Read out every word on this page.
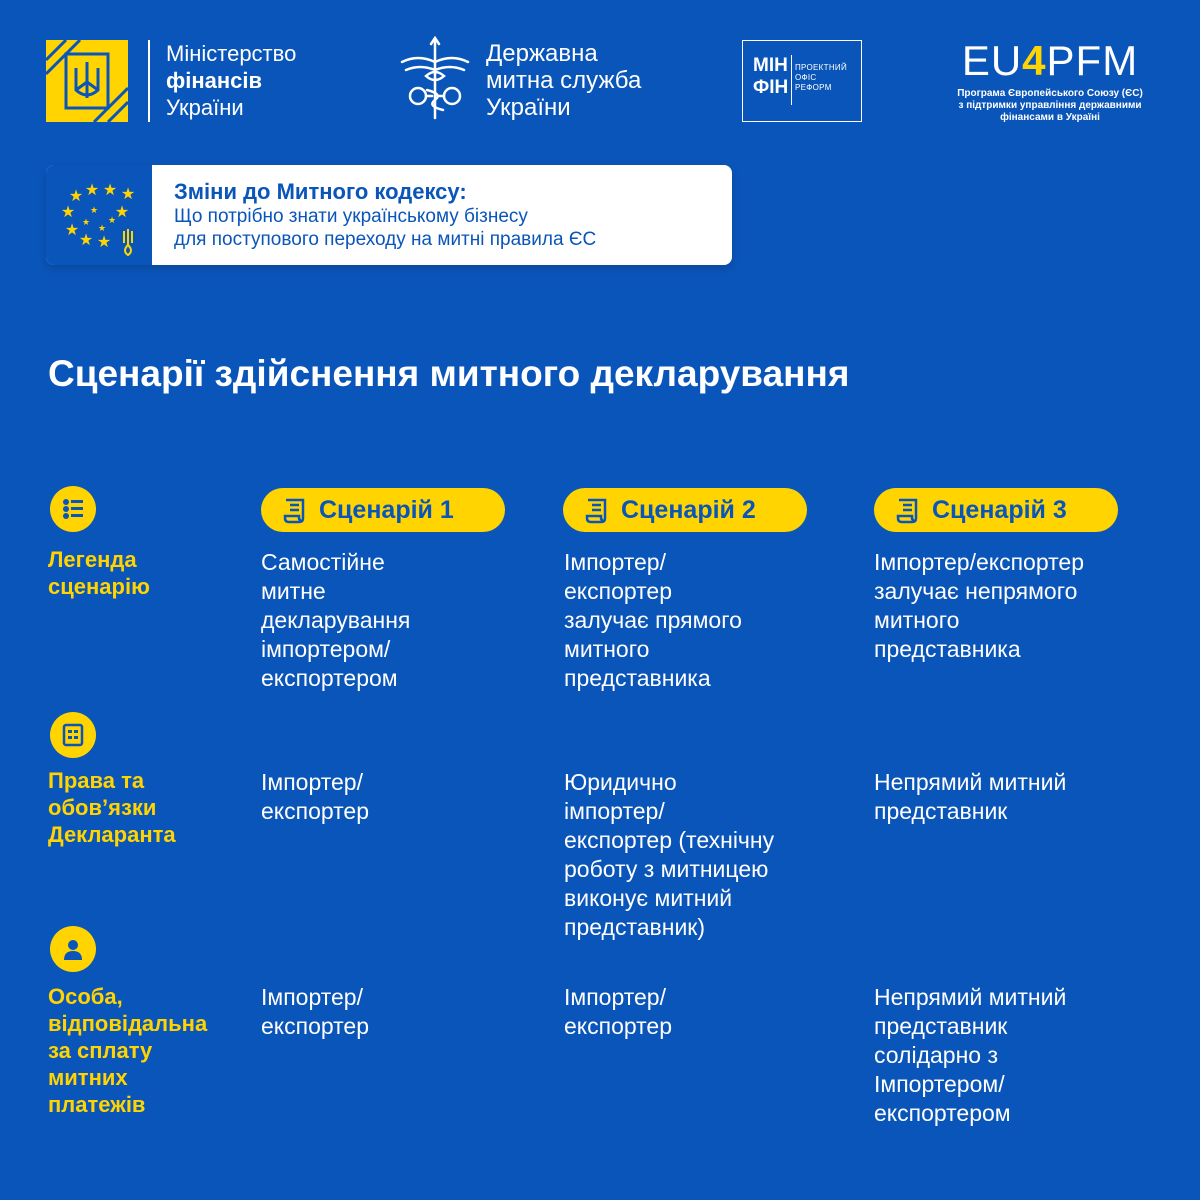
Міністерство
фінансів
України
Державна
митна служба
України
МІН
ФІН
ПРОЕКТНИЙ
ОФІС
РЕФОРМ
EU4PFM
Програма Європейського Союзу (ЄС)
з підтримки управління державними
фінансами в Україні
★ ★ ★
★
★
★
★ ★
★
★
★
★
★
Зміни до Митного кодексу:
Що потрібно знати українському бізнесу
для поступового переходу на митні правила ЄС
Сценарії здійснення митного декларування
Сценарій 1	Сценарій 2	Сценарій 3
Легенда
сценарію
Самостійне
митне
декларування
імпортером/
експортером
Імпортер/
експортер
залучає прямого
митного
представника
Імпортер/експортер
залучає непрямого
митного
представника
Права та
обов’язки
Декларанта
Імпортер/
експортер
Юридично
імпортер/
експортер (технічну
роботу з митницею
виконує митний
представник)
Непрямий митний
представник
Особа,
відповідальна
за сплату
митних
платежів
Імпортер/
експортер
Імпортер/
експортер
Непрямий митний
представник
солідарно з
Імпортером/
експортером
